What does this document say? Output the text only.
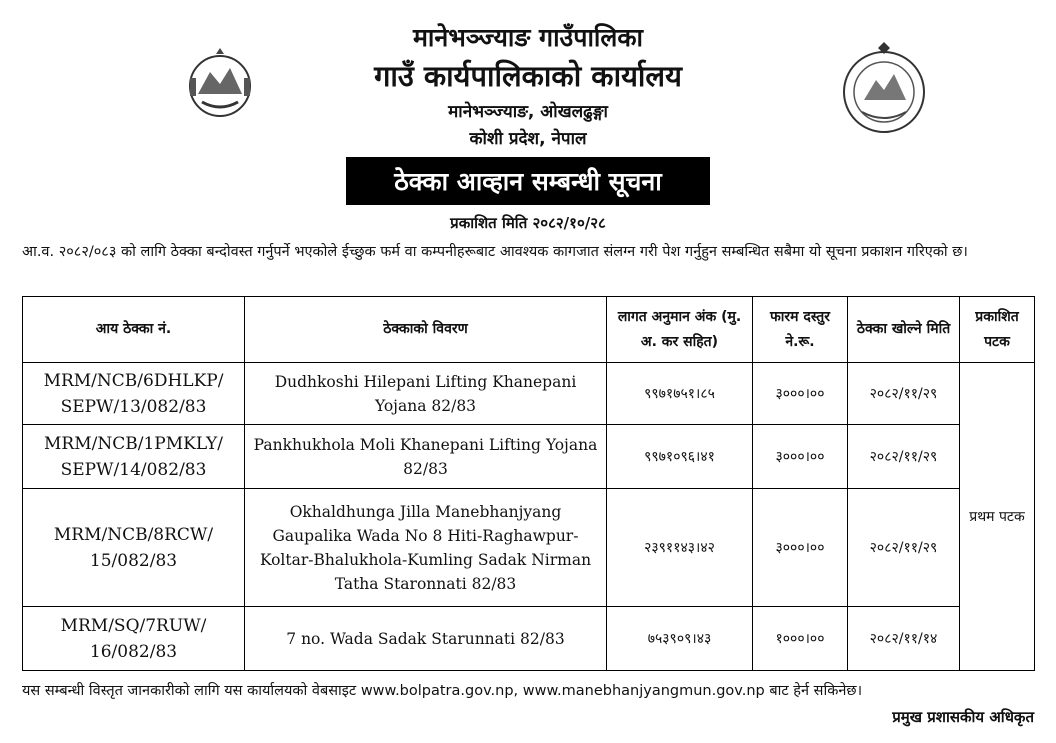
मानेभञ्ज्याङ गाउँपालिका
गाउँ कार्यपालिकाको कार्यालय
मानेभञ्ज्याङ, ओखलढुङ्गा
कोशी प्रदेश, नेपाल
ठेक्का आव्हान सम्बन्धी सूचना
प्रकाशित मिति २०८२/१०/२८
आ.व. २०८२/०८३ को लागि ठेक्का बन्दोवस्त गर्नुपर्ने भएकोले ईच्छुक फर्म वा कम्पनीहरूबाट आवश्यक कागजात संलग्न गरी पेश गर्नुहुन सम्बन्धित सबैमा यो सूचना प्रकाशन गरिएको छ।
आय ठेक्का नं.	ठेक्काको विवरण	लागत अनुमान अंक (मु. अ. कर सहित)	फारम दस्तुर ने.रू.	ठेक्का खोल्ने मिति	प्रकाशित पटक
MRM/NCB/6DHLKP/ SEPW/13/082/83	Dudhkoshi Hilepani Lifting Khanepani Yojana 82/83	९९७१७५१।८५	३०००।००	२०८२/११/२९	प्रथम पटक
MRM/NCB/1PMKLY/ SEPW/14/082/83	Pankhukhola Moli Khanepani Lifting Yojana 82/83	९९७१०९६।४१	३०००।००	२०८२/११/२९	
MRM/NCB/8RCW/ 15/082/83	Okhaldhunga Jilla Manebhanjyang Gaupalika Wada No 8 Hiti-Raghawpur-Koltar-Bhalukhola-Kumling Sadak Nirman Tatha Staronnati 82/83	२३९११४३।४२	३०००।००	२०८२/११/२९	
MRM/SQ/7RUW/ 16/082/83	7 no. Wada Sadak Starunnati 82/83	७५३९०९।४३	१०००।००	२०८२/११/१४	
यस सम्बन्धी विस्तृत जानकारीको लागि यस कार्यालयको वेबसाइट www.bolpatra.gov.np, www.manebhanjyangmun.gov.np बाट हेर्न सकिनेछ।
प्रमुख प्रशासकीय अधिकृत
